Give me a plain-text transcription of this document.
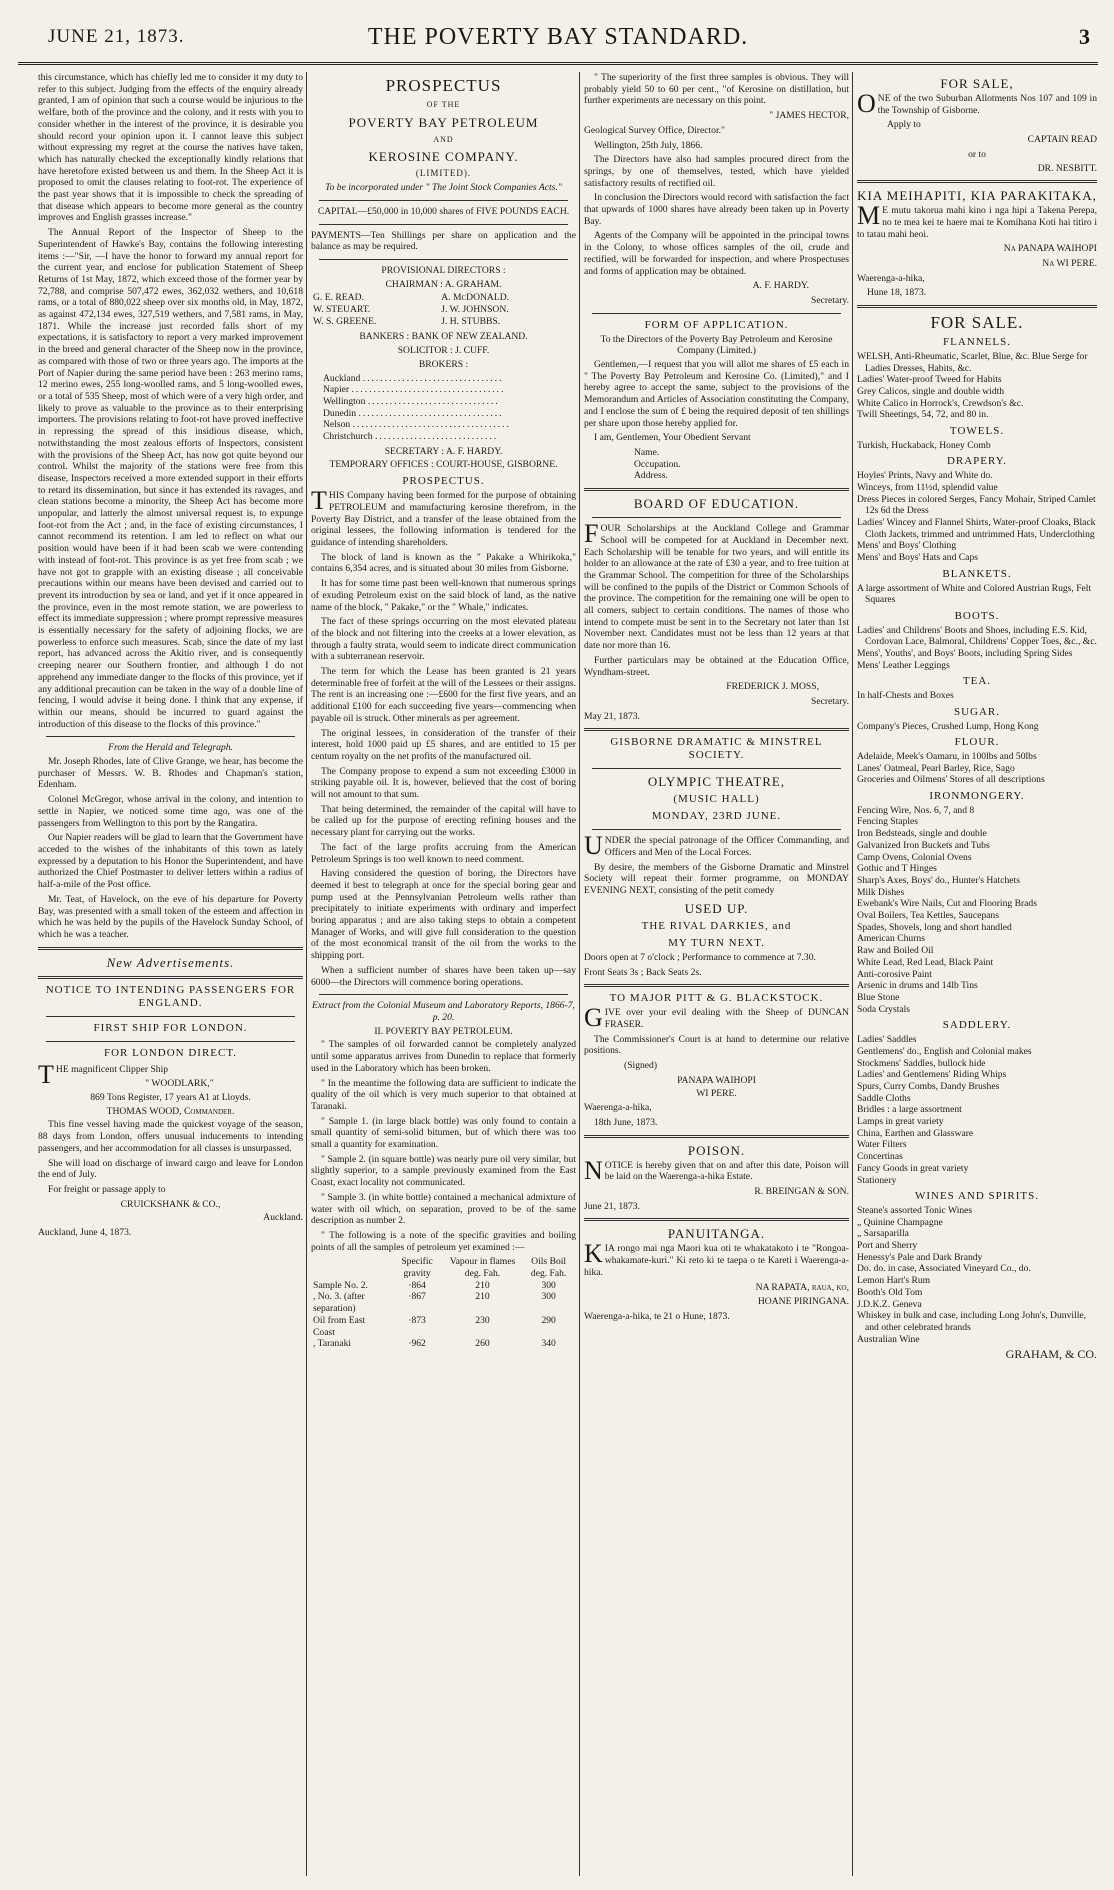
JUNE 21, 1873.	THE POVERTY BAY STANDARD.	3

this circumstance, which has chiefly led me to consider it my duty to refer to this subject. Judging from the effects of the enquiry already granted, I am of opinion that such a course would be injurious to the welfare, both of the province and the colony, and it rests with you to consider whether in the interest of the province, it is desirable you should record your opinion upon it. I cannot leave this subject without expressing my regret at the course the natives have taken, which has naturally checked the exceptionally kindly relations that have heretofore existed between us and them. In the Sheep Act it is proposed to omit the clauses relating to foot-rot. The experience of the past year shows that it is impossible to check the spreading of that disease which appears to become more general as the country improves and English grasses increase."

The Annual Report of the Inspector of Sheep to the Superintendent of Hawke's Bay, contains the following interesting items :—"Sir, —I have the honor to forward my annual report for the current year, and enclose for publication Statement of Sheep Returns of 1st May, 1872, which exceed those of the former year by 72,788, and comprise 507,472 ewes, 362,032 wethers, and 10,618 rams, or a total of 880,022 sheep over six months old, in May, 1872, as against 472,134 ewes, 327,519 wethers, and 7,581 rams, in May, 1871. While the increase just recorded falls short of my expectations, it is satisfactory to report a very marked improvement in the breed and general character of the Sheep now in the province, as compared with those of two or three years ago. The imports at the Port of Napier during the same period have been : 263 merino rams, 12 merino ewes, 255 long-woolled rams, and 5 long-woolled ewes, or a total of 535 Sheep, most of which were of a very high order, and likely to prove as valuable to the province as to their enterprising importers. The provisions relating to foot-rot have proved ineffective in repressing the spread of this insidious disease, which, notwithstanding the most zealous efforts of Inspectors, consistent with the provisions of the Sheep Act, has now got quite beyond our control. Whilst the majority of the stations were free from this disease, Inspectors received a more extended support in their efforts to retard its dissemination, but since it has extended its ravages, and clean stations become a minority, the Sheep Act has become more unpopular, and latterly the almost universal request is, to expunge foot-rot from the Act ; and, in the face of existing circumstances, I cannot recommend its retention. I am led to reflect on what our position would have been if it had been scab we were contending with instead of foot-rot. This province is as yet free from scab ; we have not got to grapple with an existing disease ; all conceivable precautions within our means have been devised and carried out to prevent its introduction by sea or land, and yet if it once appeared in the province, even in the most remote station, we are powerless to effect its immediate suppression ; where prompt repressive measures is essentially necessary for the safety of adjoining flocks, we are powerless to enforce such measures. Scab, since the date of my last report, has advanced across the Akitio river, and is consequently creeping nearer our Southern frontier, and although I do not apprehend any immediate danger to the flocks of this province, yet if any additional precaution can be taken in the way of a double line of fencing, I would advise it being done. I think that any expense, if within our means, should be incurred to guard against the introduction of this disease to the flocks of this province."

From the Herald and Telegraph.

Mr. Joseph Rhodes, late of Clive Grange, we hear, has become the purchaser of Messrs. W. B. Rhodes and Chapman's station, Edenham.

Colonel McGregor, whose arrival in the colony, and intention to settle in Napier, we noticed some time ago, was one of the passengers from Wellington to this port by the Rangatira.

Our Napier readers will be glad to learn that the Government have acceded to the wishes of the inhabitants of this town as lately expressed by a deputation to his Honor the Superintendent, and have authorized the Chief Postmaster to deliver letters within a radius of half-a-mile of the Post office.

Mr. Teat, of Havelock, on the eve of his departure for Poverty Bay, was presented with a small token of the esteem and affection in which he was held by the pupils of the Havelock Sunday School, of which he was a teacher.

New Advertisements.
NOTICE TO INTENDING PASSENGERS FOR ENGLAND.
FIRST SHIP FOR LONDON.
FOR LONDON DIRECT.

THE magnificent Clipper Ship

" WOODLARK,"

869 Tons Register, 17 years A1 at Lloyds.

THOMAS WOOD, Commander.

This fine vessel having made the quickest voyage of the season, 88 days from London, offers unusual inducements to intending passengers, and her accommodation for all classes is unsurpassed.

She will load on discharge of inward cargo and leave for London the end of July.

For freight or passage apply to

CRUICKSHANK & CO.,

Auckland.

Auckland, June 4, 1873.

PROSPECTUS
OF THE
POVERTY BAY PETROLEUM
AND
KEROSINE COMPANY.
(LIMITED).

To be incorporated under " The Joint Stock Companies Acts."

CAPITAL—£50,000 in 10,000 shares of FIVE POUNDS EACH.

PAYMENTS—Ten Shillings per share on application and the balance as may be required.

PROVISIONAL DIRECTORS :

CHAIRMAN : A. GRAHAM.

G. E. READ.	A. McDONALD.
W. STEUART.	J. W. JOHNSON.
W. S. GREENE.	J. H. STUBBS.

BANKERS : BANK OF NEW ZEALAND.

SOLICITOR : J. CUFF.

BROKERS :

Auckland ................................
Napier ...................................
Wellington ..............................
Dunedin .................................
Nelson ....................................
Christchurch ............................

SECRETARY : A. F. HARDY.

TEMPORARY OFFICES : COURT-HOUSE, GISBORNE.

PROSPECTUS.

THIS Company having been formed for the purpose of obtaining PETROLEUM and manufacturing kerosine therefrom, in the Poverty Bay District, and a transfer of the lease obtained from the original lessees, the following information is tendered for the guidance of intending shareholders.

The block of land is known as the " Pakake a Whirikoka," contains 6,354 acres, and is situated about 30 miles from Gisborne.

It has for some time past been well-known that numerous springs of exuding Petroleum exist on the said block of land, as the native name of the block, " Pakake," or the " Whale," indicates.

The fact of these springs occurring on the most elevated plateau of the block and not filtering into the creeks at a lower elevation, as through a faulty strata, would seem to indicate direct communication with a subterranean reservoir.

The term for which the Lease has been granted is 21 years determinable free of forfeit at the will of the Lessees or their assigns. The rent is an increasing one :—£600 for the first five years, and an additional £100 for each succeeding five years—commencing when payable oil is struck. Other minerals as per agreement.

The original lessees, in consideration of the transfer of their interest, hold 1000 paid up £5 shares, and are entitled to 15 per centum royalty on the net profits of the manufactured oil.

The Company propose to expend a sum not exceeding £3000 in striking payable oil. It is, however, believed that the cost of boring will not amount to that sum.

That being determined, the remainder of the capital will have to be called up for the purpose of erecting refining houses and the necessary plant for carrying out the works.

The fact of the large profits accruing from the American Petroleum Springs is too well known to need comment.

Having considered the question of boring, the Directors have deemed it best to telegraph at once for the special boring gear and pump used at the Pennsylvanian Petroleum wells rather than precipitately to initiate experiments with ordinary and imperfect boring apparatus ; and are also taking steps to obtain a competent Manager of Works, and will give full consideration to the question of the most economical transit of the oil from the works to the shipping port.

When a sufficient number of shares have been taken up—say 6000—the Directors will commence boring operations.

Extract from the Colonial Museum and Laboratory Reports, 1866-7, p. 20.

II. POVERTY BAY PETROLEUM.

" The samples of oil forwarded cannot be completely analyzed until some apparatus arrives from Dunedin to replace that formerly used in the Laboratory which has been broken.

" In the meantime the following data are sufficient to indicate the quality of the oil which is very much superior to that obtained at Taranaki.

" Sample 1. (in large black bottle) was only found to contain a small quantity of semi-solid bitumen, but of which there was too small a quantity for examination.

" Sample 2. (in square bottle) was nearly pure oil very similar, but slightly superior, to a sample previously examined from the East Coast, exact locality not communicated.

" Sample 3. (in white bottle) contained a mechanical admixture of water with oil which, on separation, proved to be of the same description as number 2.

" The following is a note of the specific gravities and boiling points of all the samples of petroleum yet examined :—

	Specific gravity	Vapour in flames deg. Fah.	Oils Boil deg. Fah.
Sample No. 2.	·864	210	300
, No. 3. (after separation)	·867	210	300
Oil from East Coast	·873	230	290
, Taranaki	·962	260	340

" The superiority of the first three samples is obvious. They will probably yield 50 to 60 per cent., "of Kerosine on distillation, but further experiments are necessary on this point.

" JAMES HECTOR,

Geological Survey Office, Director."

Wellington, 25th July, 1866.

The Directors have also had samples procured direct from the springs, by one of themselves, tested, which have yielded satisfactory results of rectified oil.

In conclusion the Directors would record with satisfaction the fact that upwards of 1000 shares have already been taken up in Poverty Bay.

Agents of the Company will be appointed in the principal towns in the Colony, to whose offices samples of the oil, crude and rectified, will be forwarded for inspection, and where Prospectuses and forms of application may be obtained.

A. F. HARDY.

Secretary.

FORM OF APPLICATION.

To the Directors of the Poverty Bay Petroleum and Kerosine Company (Limited.)

Gentlemen,—I request that you will allot me shares of £5 each in " The Poverty Bay Petroleum and Kerosine Co. (Limited)," and I hereby agree to accept the same, subject to the provisions of the Memorandum and Articles of Association constituting the Company, and I enclose the sum of £ being the required deposit of ten shillings per share upon those hereby applied for.

I am, Gentlemen, Your Obedient Servant

Name.
Occupation.
Address.
BOARD OF EDUCATION.

FOUR Scholarships at the Auckland College and Grammar School will be competed for at Auckland in December next. Each Scholarship will be tenable for two years, and will entitle its holder to an allowance at the rate of £30 a year, and to free tuition at the Grammar School. The competition for three of the Scholarships will be confined to the pupils of the District or Common Schools of the province. The competition for the remaining one will be open to all comers, subject to certain conditions. The names of those who intend to compete must be sent in to the Secretary not later than 1st November next. Candidates must not be less than 12 years at that date nor more than 16.

Further particulars may be obtained at the Education Office, Wyndham-street.

FREDERICK J. MOSS,

Secretary.

May 21, 1873.

GISBORNE DRAMATIC & MINSTREL SOCIETY.
OLYMPIC THEATRE,
(MUSIC HALL)
MONDAY, 23RD JUNE.

UNDER the special patronage of the Officer Commanding, and Officers and Men of the Local Forces.

By desire, the members of the Gisborne Dramatic and Minstrel Society will repeat their former programme, on MONDAY EVENING NEXT, consisting of the petit comedy

USED UP.
THE RIVAL DARKIES, and
MY TURN NEXT.

Doors open at 7 o'clock ; Performance to commence at 7.30.

Front Seats 3s ; Back Seats 2s.

TO MAJOR PITT & G. BLACKSTOCK.

GIVE over your evil dealing with the Sheep of DUNCAN FRASER.

The Commissioner's Court is at hand to determine our relative positions.

(Signed)

PANAPA WAIHOPI

WI PERE.

Waerenga-a-hika,

18th June, 1873.

POISON.

NOTICE is hereby given that on and after this date, Poison will be laid on the Waerenga-a-hika Estate.

R. BREINGAN & SON.

June 21, 1873.

PANUITANGA.

KIA rongo mai nga Maori kua oti te whakatakoto i te "Rongoa-whakamate-kuri." Ki reto ki te taepa o te Kareti i Waerenga-a-hika.

NA RAPATA, raua, ko,

HOANE PIRINGANA.

Waerenga-a-hika, te 21 o Hune, 1873.

FOR SALE,

ONE of the two Suburban Allotments Nos 107 and 109 in the Township of Gisborne.

Apply to

CAPTAIN READ

or to

DR. NESBITT.

KIA MEIHAPITI, KIA PARAKITAKA,

ME mutu takoruа mahi kino i nga hipi a Takena Perepa, no te mea kei te haere mai te Komihana Koti hai titiro i to tatau mahi heoi.

Na PANAPA WAIHOPI

Na WI PERE.

Waerenga-a-hika,

Hune 18, 1873.

FOR SALE.
FLANNELS.
WELSH, Anti-Rheumatic, Scarlet, Blue, &c. Blue Serge for Ladies Dresses, Habits, &c.
Ladies' Water-proof Tweed for Habits
Grey Calicos, single and double width
White Calico in Horrock's, Crewdson's &c.
Twill Sheetings, 54, 72, and 80 in.
TOWELS.
Turkish, Huckaback, Honey Comb
DRAPERY.
Hoyles' Prints, Navy and White do.
Winceys, from 11½d, splendid value
Dress Pieces in colored Serges, Fancy Mohair, Striped Camlet 12s 6d the Dress
Ladies' Wincey and Flannel Shirts, Water-proof Cloaks, Black Cloth Jackets, trimmed and untrimmed Hats, Underclothing
Mens' and Boys' Clothing
Mens' and Boys' Hats and Caps
BLANKETS.
A large assortment of White and Colored Austrian Rugs, Felt Squares
BOOTS.
Ladies' and Childrens' Boots and Shoes, including E.S. Kid, Cordovan Lace, Balmoral, Childrens' Copper Toes, &c., &c.
Mens', Youths', and Boys' Boots, including Spring Sides
Mens' Leather Leggings
TEA.
In half-Chests and Boxes
SUGAR.
Company's Pieces, Crushed Lump, Hong Kong
FLOUR.
Adelaide, Meek's Oamaru, in 100lbs and 50lbs
Lanes' Oatmeal, Pearl Barley, Rice, Sago
Groceries and Oilmens' Stores of all descriptions
IRONMONGERY.
Fencing Wire, Nos. 6, 7, and 8
Fencing Staples
Iron Bedsteads, single and double
Galvanized Iron Buckets and Tubs
Camp Ovens, Colonial Ovens
Gothic and T Hinges
Sharp's Axes, Boys' do., Hunter's Hatchets
Milk Dishes
Ewebank's Wire Nails, Cut and Flooring Brads
Oval Boilers, Tea Kettles, Saucepans
Spades, Shovels, long and short handled
American Churns
Raw and Boiled Oil
White Lead, Red Lead, Black Paint
Anti-corosive Paint
Arsenic in drums and 14lb Tins
Blue Stone
Soda Crystals
SADDLERY.
Ladies' Saddles
Gentlemens' do., English and Colonial makes
Stockmens' Saddles, bullock hide
Ladies' and Gentlemens' Riding Whips
Spurs, Curry Combs, Dandy Brushes
Saddle Cloths
Bridles : a large assortment
Lamps in great variety
China, Earthen and Glassware
Water Filters
Concertinas
Fancy Goods in great variety
Stationery
WINES AND SPIRITS.
Steane's assorted Tonic Wines
„ Quinine Champagne
„ Sarsaparilla
Port and Sherry
Henessy's Pale and Dark Brandy
Do. do. in case, Associated Vineyard Co., do.
Lemon Hart's Rum
Booth's Old Tom
J.D.K.Z. Geneva
Whiskey in bulk and case, including Long John's, Dunville, and other celebrated brands
Australian Wine

GRAHAM, & CO.
